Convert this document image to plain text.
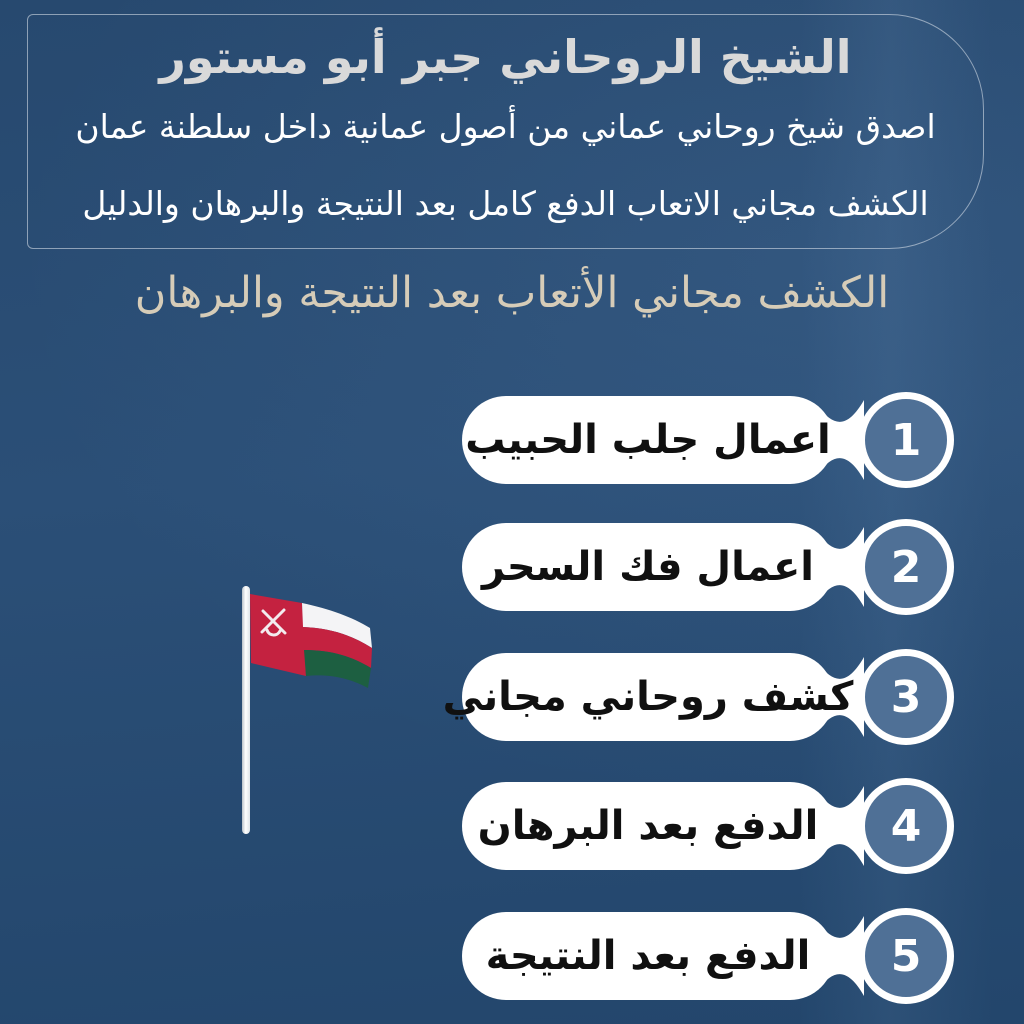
الشيخ الروحاني جبر أبو مستور
اصدق شيخ روحاني عماني من أصول عمانية داخل سلطنة عمان
الكشف مجاني الاتعاب الدفع كامل بعد النتيجة والبرهان والدليل
الكشف مجاني الأتعاب بعد النتيجة والبرهان
1
اعمال جلب الحبيب
2
اعمال فك السحر
3
كشف روحاني مجاني
4
الدفع بعد البرهان
5
الدفع بعد النتيجة
